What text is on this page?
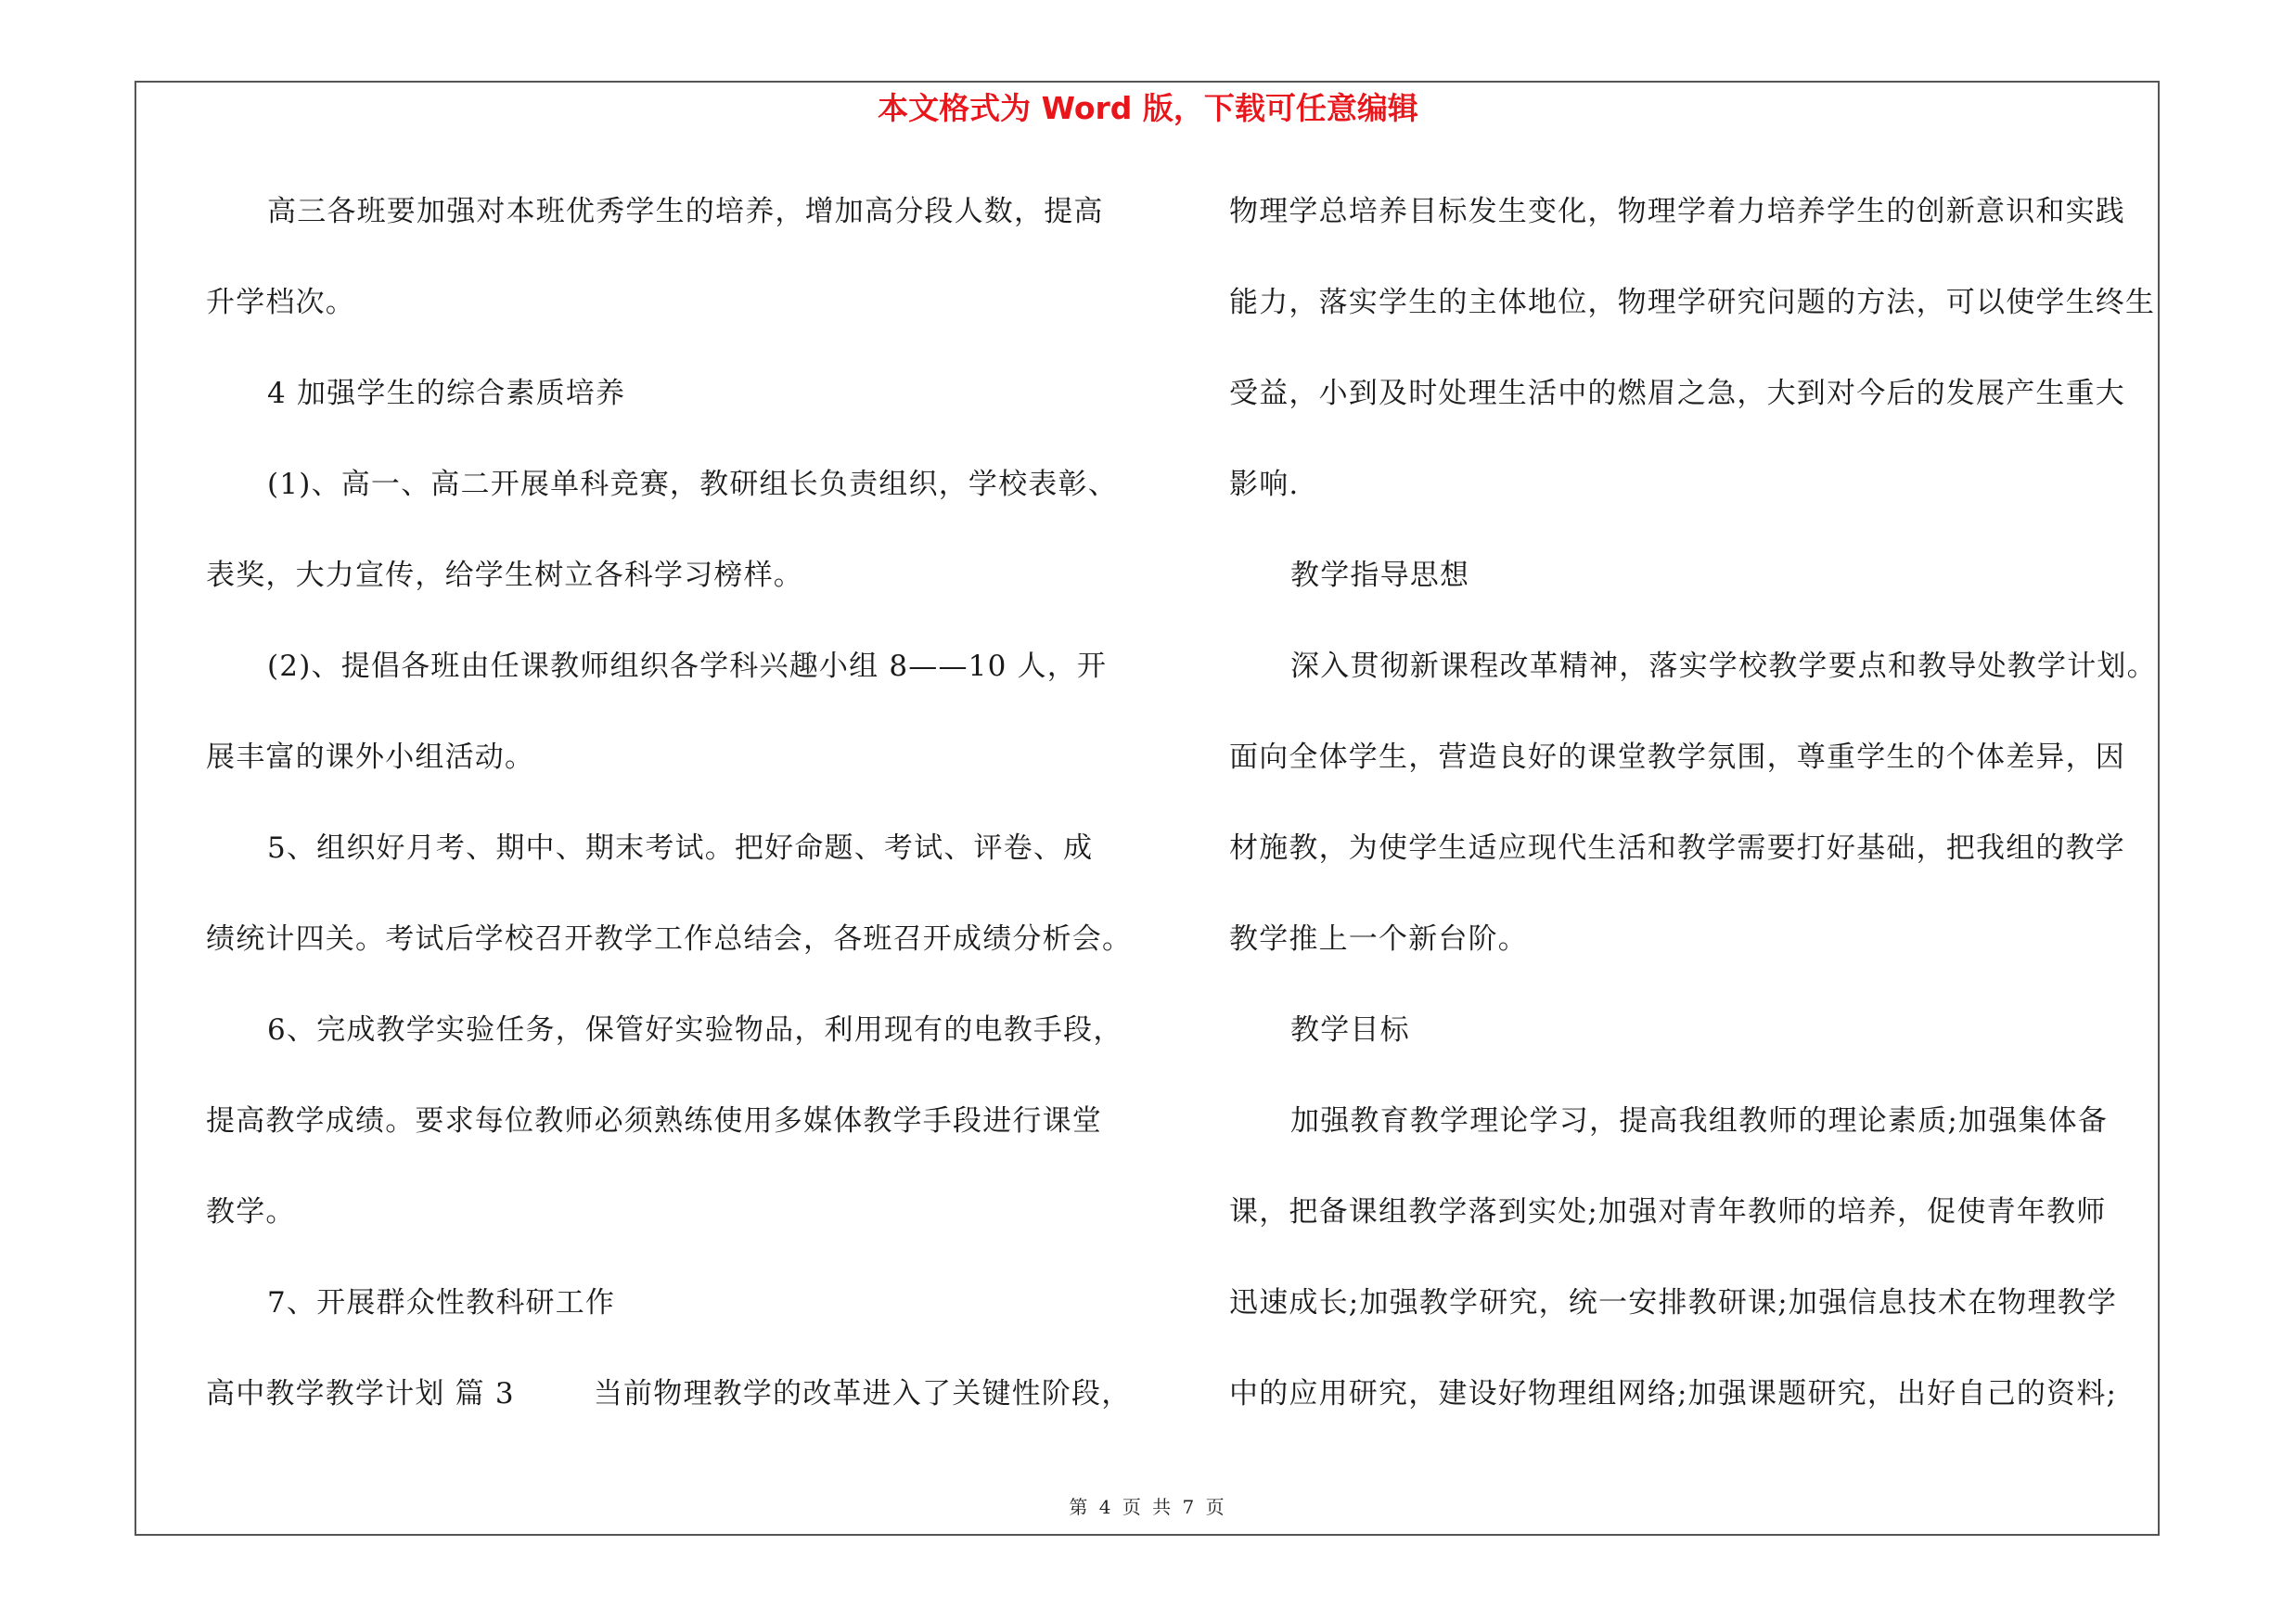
本文格式为 Word 版，下载可任意编辑
高三各班要加强对本班优秀学生的培养，增加高分段人数，提高
升学档次。
4 加强学生的综合素质培养
(1)、高一、高二开展单科竞赛，教研组长负责组织，学校表彰、
表奖，大力宣传，给学生树立各科学习榜样。
(2)、提倡各班由任课教师组织各学科兴趣小组 8——10 人，开
展丰富的课外小组活动。
5、组织好月考、期中、期末考试。把好命题、考试、评卷、成
绩统计四关。考试后学校召开教学工作总结会，各班召开成绩分析会。
6、完成教学实验任务，保管好实验物品，利用现有的电教手段，
提高教学成绩。要求每位教师必须熟练使用多媒体教学手段进行课堂
教学。
7、开展群众性教科研工作
高中教学教学计划 篇 3	当前物理教学的改革进入了关键性阶段，
物理学总培养目标发生变化，物理学着力培养学生的创新意识和实践
能力，落实学生的主体地位，物理学研究问题的方法，可以使学生终生
受益，小到及时处理生活中的燃眉之急，大到对今后的发展产生重大
影响.
教学指导思想
深入贯彻新课程改革精神，落实学校教学要点和教导处教学计划。
面向全体学生，营造良好的课堂教学氛围，尊重学生的个体差异，因
材施教，为使学生适应现代生活和教学需要打好基础，把我组的教学
教学推上一个新台阶。
教学目标
加强教育教学理论学习，提高我组教师的理论素质;加强集体备
课，把备课组教学落到实处;加强对青年教师的培养，促使青年教师
迅速成长;加强教学研究，统一安排教研课;加强信息技术在物理教学
中的应用研究，建设好物理组网络;加强课题研究，出好自己的资料;
第 4 页 共 7 页
